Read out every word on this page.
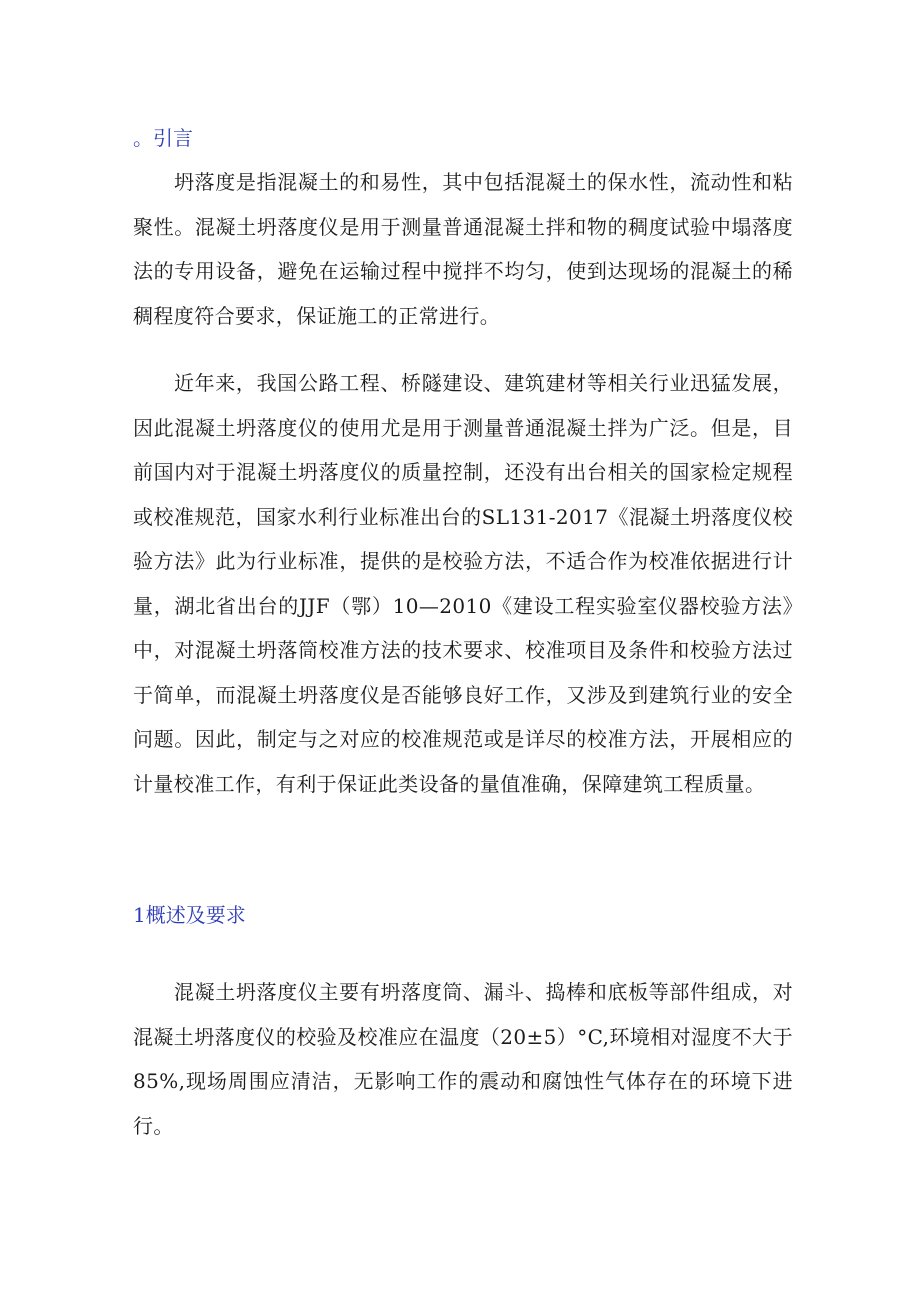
。引言

坍落度是指混凝土的和易性，其中包括混凝土的保水性，流动性和粘聚性。混凝土坍落度仪是用于测量普通混凝土拌和物的稠度试验中塌落度法的专用设备，避免在运输过程中搅拌不均匀，使到达现场的混凝土的稀稠程度符合要求，保证施工的正常进行。

近年来，我国公路工程、桥隧建设、建筑建材等相关行业迅猛发展，因此混凝土坍落度仪的使用尤是用于测量普通混凝土拌为广泛。但是，目前国内对于混凝土坍落度仪的质量控制，还没有出台相关的国家检定规程或校准规范，国家水利行业标准出台的SL131-2017《混凝土坍落度仪校验方法》此为行业标准，提供的是校验方法，不适合作为校准依据进行计量，湖北省出台的JJF（鄂）10—2010《建设工程实验室仪器校验方法》中，对混凝土坍落筒校准方法的技术要求、校准项目及条件和校验方法过于简单，而混凝土坍落度仪是否能够良好工作，又涉及到建筑行业的安全问题。因此，制定与之对应的校准规范或是详尽的校准方法，开展相应的计量校准工作，有利于保证此类设备的量值准确，保障建筑工程质量。

1概述及要求

混凝土坍落度仪主要有坍落度筒、漏斗、捣棒和底板等部件组成，对混凝土坍落度仪的校验及校准应在温度（20±5）°C,环境相对湿度不大于85%,现场周围应清洁，无影响工作的震动和腐蚀性气体存在的环境下进行。
